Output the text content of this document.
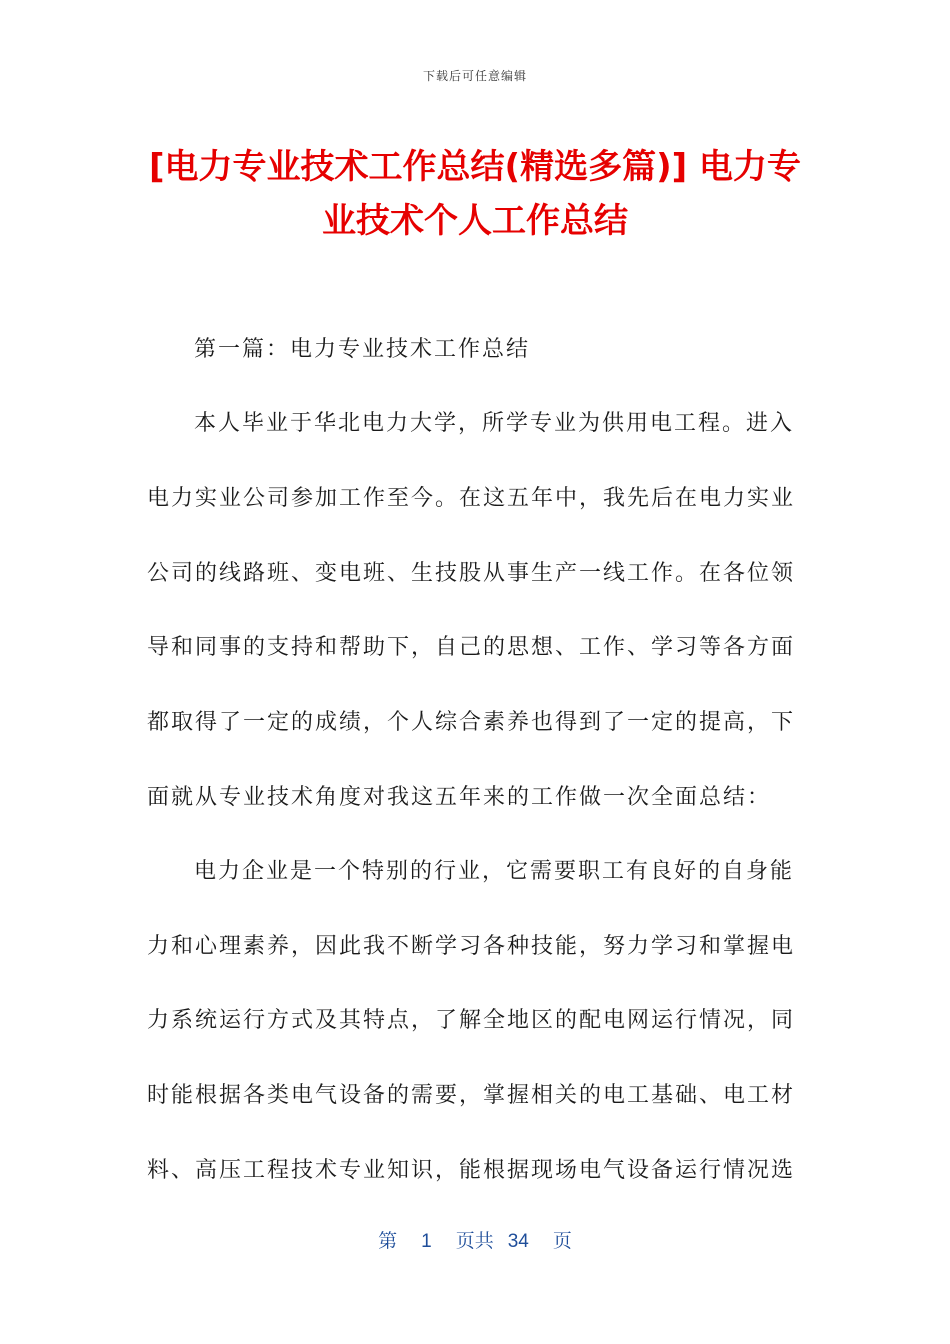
下载后可任意编辑
[电力专业技术工作总结(精选多篇)] 电力专
业技术个人工作总结
第一篇：电力专业技术工作总结
本人毕业于华北电力大学，所学专业为供用电工程。进入
电力实业公司参加工作至今。在这五年中，我先后在电力实业
公司的线路班、变电班、生技股从事生产一线工作。在各位领
导和同事的支持和帮助下，自己的思想、工作、学习等各方面
都取得了一定的成绩，个人综合素养也得到了一定的提高，下
面就从专业技术角度对我这五年来的工作做一次全面总结：
电力企业是一个特别的行业，它需要职工有良好的自身能
力和心理素养，因此我不断学习各种技能，努力学习和掌握电
力系统运行方式及其特点，了解全地区的配电网运行情况，同
时能根据各类电气设备的需要，掌握相关的电工基础、电工材
料、高压工程技术专业知识，能根据现场电气设备运行情况选
第 1 页共 34 页
